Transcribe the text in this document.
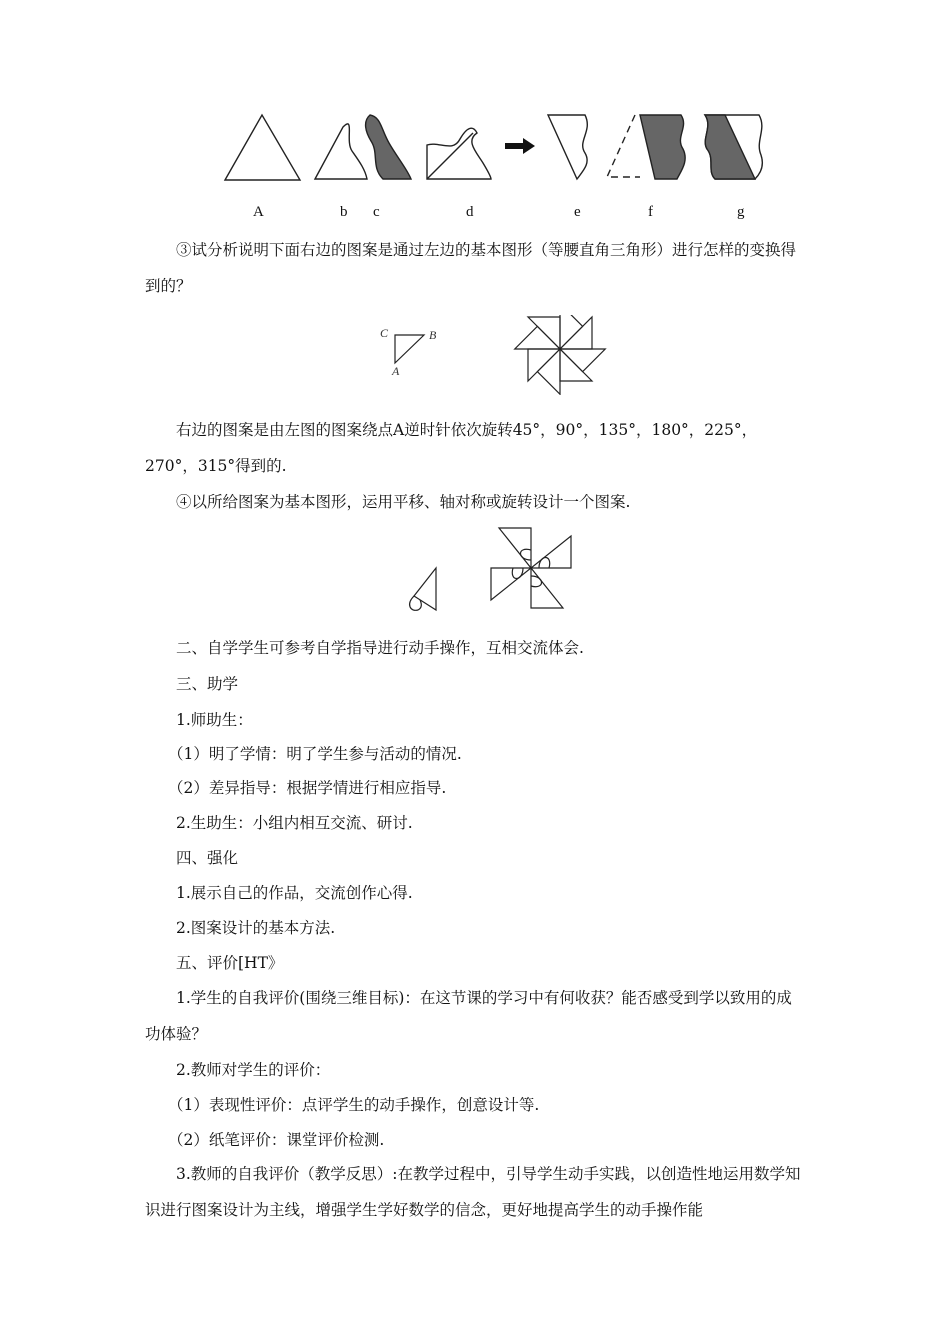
A	b c	d	e	f	g

③试分析说明下面右边的图案是通过左边的基本图形（等腰直角三角形）进行怎样的变换得到的？

C	B
A

右边的图案是由左图的图案绕点A逆时针依次旋转45°，90°，135°，180°，225°，270°，315°得到的.

④以所给图案为基本图形，运用平移、轴对称或旋转设计一个图案.

二、自学学生可参考自学指导进行动手操作，互相交流体会.

三、助学

1.师助生：

（1）明了学情：明了学生参与活动的情况.

（2）差异指导：根据学情进行相应指导.

2.生助生：小组内相互交流、研讨.

四、强化

1.展示自己的作品，交流创作心得.

2.图案设计的基本方法.

五、评价[HT》

1.学生的自我评价(围绕三维目标)：在这节课的学习中有何收获？能否感受到学以致用的成功体验？

2.教师对学生的评价：

（1）表现性评价：点评学生的动手操作，创意设计等.

（2）纸笔评价：课堂评价检测.

3.教师的自我评价（教学反思）:在教学过程中，引导学生动手实践，以创造性地运用数学知识进行图案设计为主线，增强学生学好数学的信念，更好地提高学生的动手操作能
